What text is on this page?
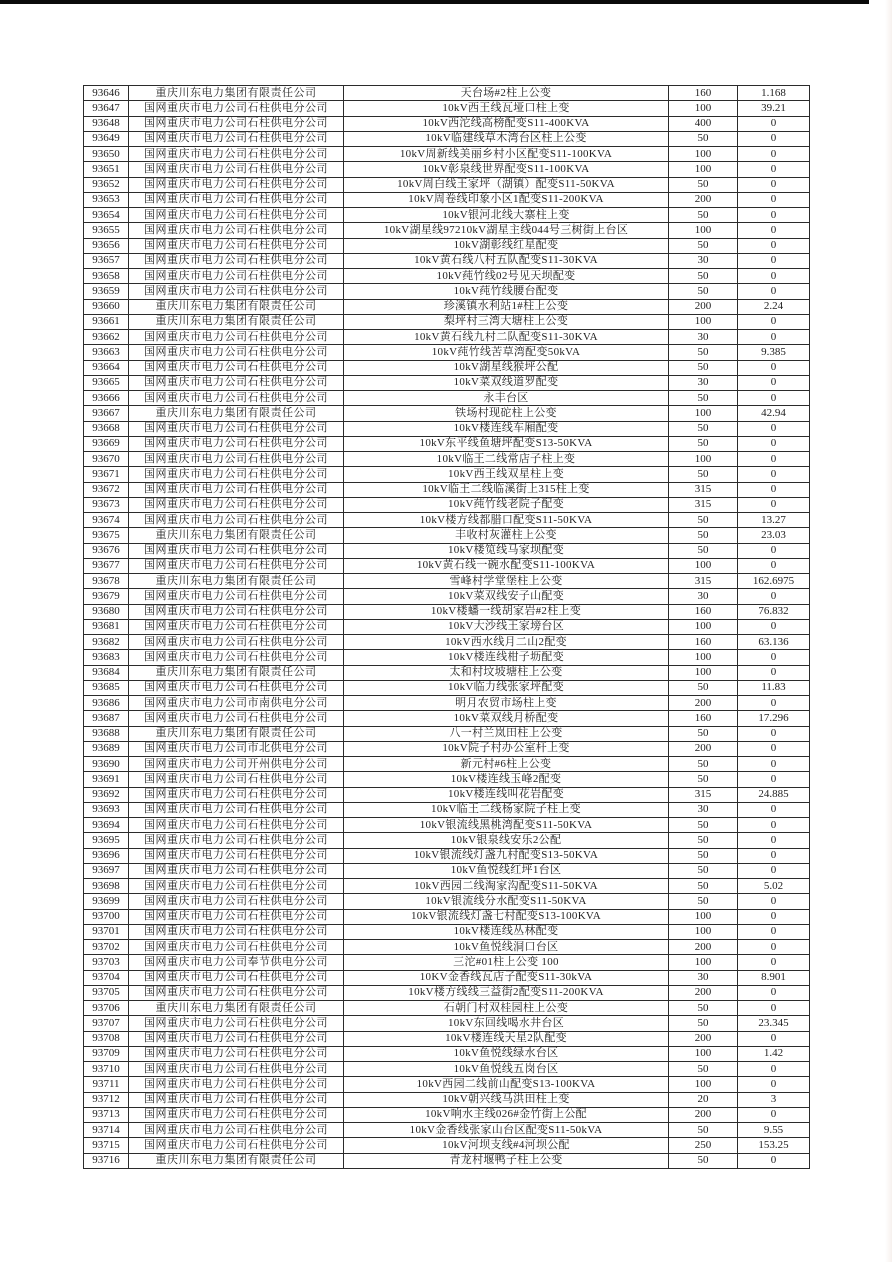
93646	重庆川东电力集团有限责任公司	天台场#2柱上公变	160	1.168
93647	国网重庆市电力公司石柱供电分公司	10kV西王线瓦垭口柱上变	100	39.21
93648	国网重庆市电力公司石柱供电分公司	10kV西沱线高榜配变S11-400KVA	400	0
93649	国网重庆市电力公司石柱供电分公司	10kV临建线草木湾台区柱上公变	50	0
93650	国网重庆市电力公司石柱供电分公司	10kV周新线美丽乡村小区配变S11-100KVA	100	0
93651	国网重庆市电力公司石柱供电分公司	10kV彰泉线世界配变S11-100KVA	100	0
93652	国网重庆市电力公司石柱供电分公司	10kV周白线王家坪（湖镇）配变S11-50KVA	50	0
93653	国网重庆市电力公司石柱供电分公司	10kV周卷线印象小区1配变S11-200KVA	200	0
93654	国网重庆市电力公司石柱供电分公司	10kV银河北线大寨柱上变	50	0
93655	国网重庆市电力公司石柱供电分公司	10kV湖星线97210kV湖星主线044号三树街上台区	100	0
93656	国网重庆市电力公司石柱供电分公司	10kV湖彰线红星配变	50	0
93657	国网重庆市电力公司石柱供电分公司	10kV黄石线八村五队配变S11-30KVA	30	0
93658	国网重庆市电力公司石柱供电分公司	10kV莼竹线02号见天坝配变	50	0
93659	国网重庆市电力公司石柱供电分公司	10kV莼竹线腰台配变	50	0
93660	重庆川东电力集团有限责任公司	珍溪镇水利站1#柱上公变	200	2.24
93661	重庆川东电力集团有限责任公司	梨坪村三湾大塘柱上公变	100	0
93662	国网重庆市电力公司石柱供电分公司	10kV黄石线九村二队配变S11-30KVA	30	0
93663	国网重庆市电力公司石柱供电分公司	10kV莼竹线苦草湾配变50kVA	50	9.385
93664	国网重庆市电力公司石柱供电分公司	10kV湖星线猴坪公配	50	0
93665	国网重庆市电力公司石柱供电分公司	10kV菜双线道罗配变	30	0
93666	国网重庆市电力公司石柱供电分公司	永丰台区	50	0
93667	重庆川东电力集团有限责任公司	铁场村现砣柱上公变	100	42.94
93668	国网重庆市电力公司石柱供电分公司	10kV楼连线车厢配变	50	0
93669	国网重庆市电力公司石柱供电分公司	10kV东平线鱼塘坪配变S13-50KVA	50	0
93670	国网重庆市电力公司石柱供电分公司	10kV临王二线常店子柱上变	100	0
93671	国网重庆市电力公司石柱供电分公司	10kV西王线双星柱上变	50	0
93672	国网重庆市电力公司石柱供电分公司	10kV临王二线临溪街上315柱上变	315	0
93673	国网重庆市电力公司石柱供电分公司	10kV莼竹线老院子配变	315	0
93674	国网重庆市电力公司石柱供电分公司	10kV楼方线都腊口配变S11-50KVA	50	13.27
93675	重庆川东电力集团有限责任公司	丰收村灰灌柱上公变	50	23.03
93676	国网重庆市电力公司石柱供电分公司	10kV楼笕线马家坝配变	50	0
93677	国网重庆市电力公司石柱供电分公司	10kV黄石线一碗水配变S11-100KVA	100	0
93678	重庆川东电力集团有限责任公司	雪峰村学堂堡柱上公变	315	162.6975
93679	国网重庆市电力公司石柱供电分公司	10kV菜双线安子山配变	30	0
93680	国网重庆市电力公司石柱供电分公司	10kV楼蟠一线胡家岩#2柱上变	160	76.832
93681	国网重庆市电力公司石柱供电分公司	10kV大沙线王家塝台区	100	0
93682	国网重庆市电力公司石柱供电分公司	10kV西水线月二山2配变	160	63.136
93683	国网重庆市电力公司石柱供电分公司	10kV楼连线柑子坜配变	100	0
93684	重庆川东电力集团有限责任公司	太和村坟坡塘柱上公变	100	0
93685	国网重庆市电力公司石柱供电分公司	10kV临力线张家坪配变	50	11.83
93686	国网重庆市电力公司市南供电分公司	明月农贸市场柱上变	200	0
93687	国网重庆市电力公司石柱供电分公司	10kV菜双线月桥配变	160	17.296
93688	重庆川东电力集团有限责任公司	八一村兰岚田柱上公变	50	0
93689	国网重庆市电力公司市北供电分公司	10kV院子村办公室杆上变	200	0
93690	国网重庆市电力公司开州供电分公司	新元村#6柱上公变	50	0
93691	国网重庆市电力公司石柱供电分公司	10kV楼连线玉峰2配变	50	0
93692	国网重庆市电力公司石柱供电分公司	10kV楼连线叫花岩配变	315	24.885
93693	国网重庆市电力公司石柱供电分公司	10kV临王二线杨家院子柱上变	30	0
93694	国网重庆市电力公司石柱供电分公司	10kV银流线黑桃湾配变S11-50KVA	50	0
93695	国网重庆市电力公司石柱供电分公司	10kV银泉线安乐2公配	50	0
93696	国网重庆市电力公司石柱供电分公司	10kV银流线灯盏九村配变S13-50KVA	50	0
93697	国网重庆市电力公司石柱供电分公司	10kV鱼悦线红坪1台区	50	0
93698	国网重庆市电力公司石柱供电分公司	10kV西园二线淘家沟配变S11-50KVA	50	5.02
93699	国网重庆市电力公司石柱供电分公司	10kV银流线分水配变S11-50KVA	50	0
93700	国网重庆市电力公司石柱供电分公司	10kV银流线灯盏七村配变S13-100KVA	100	0
93701	国网重庆市电力公司石柱供电分公司	10kV楼连线丛林配变	100	0
93702	国网重庆市电力公司石柱供电分公司	10kV鱼悦线洞口台区	200	0
93703	国网重庆市电力公司奉节供电分公司	三沱#01柱上公变 100	100	0
93704	国网重庆市电力公司石柱供电分公司	10KV金香线瓦店子配变S11-30kVA	30	8.901
93705	国网重庆市电力公司石柱供电分公司	10kV楼方线线三益街2配变S11-200KVA	200	0
93706	重庆川东电力集团有限责任公司	石朝门村双桂园柱上公变	50	0
93707	国网重庆市电力公司石柱供电分公司	10kV东回线喝水井台区	50	23.345
93708	国网重庆市电力公司石柱供电分公司	10kV楼连线天星2队配变	200	0
93709	国网重庆市电力公司石柱供电分公司	10kV鱼悦线绿水台区	100	1.42
93710	国网重庆市电力公司石柱供电分公司	10kV鱼悦线五岗台区	50	0
93711	国网重庆市电力公司石柱供电分公司	10kV西园二线前山配变S13-100KVA	100	0
93712	国网重庆市电力公司石柱供电分公司	10kV朝兴线马洪田柱上变	20	3
93713	国网重庆市电力公司石柱供电分公司	10kV响水主线026#金竹街上公配	200	0
93714	国网重庆市电力公司石柱供电分公司	10kV金香线张家山台区配变S11-50kVA	50	9.55
93715	国网重庆市电力公司石柱供电分公司	10kV河坝支线#4河坝公配	250	153.25
93716	重庆川东电力集团有限责任公司	青龙村堰鸭子柱上公变	50	0
